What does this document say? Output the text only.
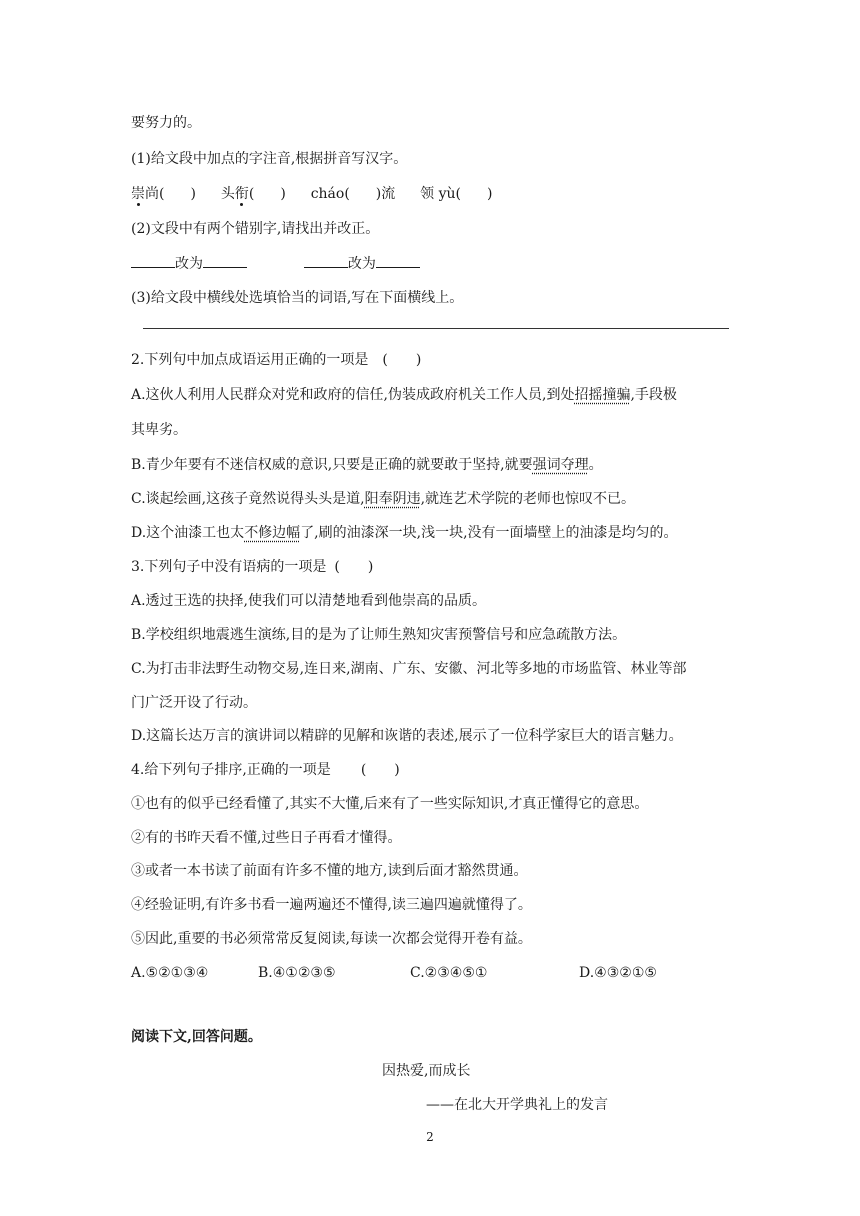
要努力的。
(1)给文段中加点的字注音,根据拼音写汉字。
崇尚( ) 头衔( ) cháo( )流 领 yù( )
(2)文段中有两个错别字,请找出并改正。
改为	改为
(3)给文段中横线处选填恰当的词语,写在下面横线上。
2.下列句中加点成语运用正确的一项是 (　　)
A.这伙人利用人民群众对党和政府的信任,伪装成政府机关工作人员,到处招摇撞骗,手段极
其卑劣。
B.青少年要有不迷信权威的意识,只要是正确的就要敢于坚持,就要强词夺理。
C.谈起绘画,这孩子竟然说得头头是道,阳奉阴违,就连艺术学院的老师也惊叹不已。
D.这个油漆工也太不修边幅了,刷的油漆深一块,浅一块,没有一面墙壁上的油漆是均匀的。
3.下列句子中没有语病的一项是 (　　)
A.透过王选的抉择,使我们可以清楚地看到他崇高的品质。
B.学校组织地震逃生演练,目的是为了让师生熟知灾害预警信号和应急疏散方法。
C.为打击非法野生动物交易,连日来,湖南、广东、安徽、河北等多地的市场监管、林业等部
门广泛开设了行动。
D.这篇长达万言的演讲词以精辟的见解和诙谐的表述,展示了一位科学家巨大的语言魅力。
4.给下列句子排序,正确的一项是 (　　)
①也有的似乎已经看懂了,其实不大懂,后来有了一些实际知识,才真正懂得它的意思。
②有的书昨天看不懂,过些日子再看才懂得。
③或者一本书读了前面有许多不懂的地方,读到后面才豁然贯通。
④经验证明,有许多书看一遍两遍还不懂得,读三遍四遍就懂得了。
⑤因此,重要的书必须常常反复阅读,每读一次都会觉得开卷有益。
A.⑤②①③④	B.④①②③⑤	C.②③④⑤①	D.④③②①⑤
阅读下文,回答问题。
因热爱,而成长
——在北大开学典礼上的发言
2
